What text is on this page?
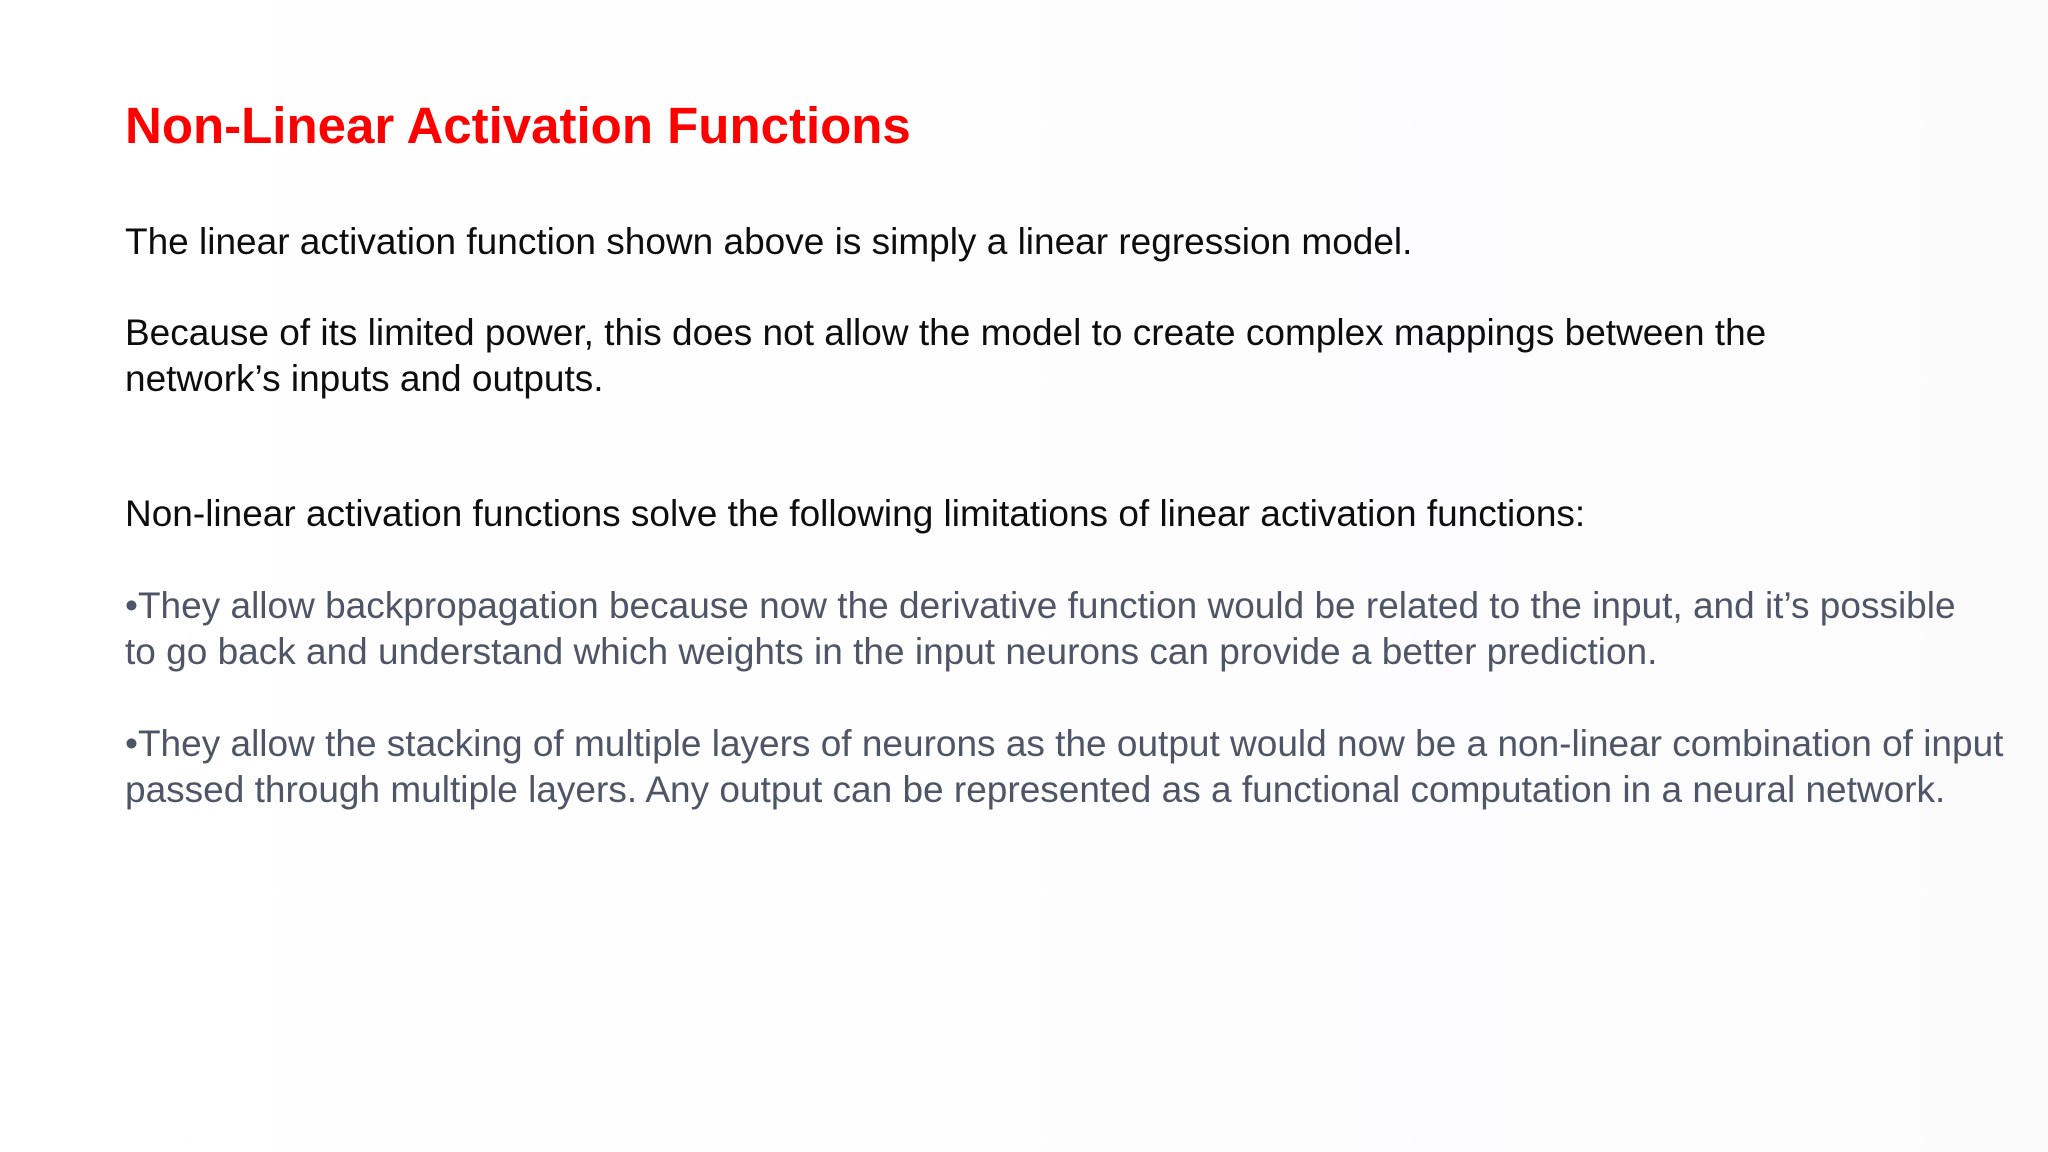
Non-Linear Activation Functions

The linear activation function shown above is simply a linear regression model.

Because of its limited power, this does not allow the model to create complex mappings between the network’s inputs and outputs.

Non-linear activation functions solve the following limitations of linear activation functions:

•They allow backpropagation because now the derivative function would be related to the input, and it’s possible to go back and understand which weights in the input neurons can provide a better prediction.

•They allow the stacking of multiple layers of neurons as the output would now be a non-linear combination of input passed through multiple layers. Any output can be represented as a functional computation in a neural network.
